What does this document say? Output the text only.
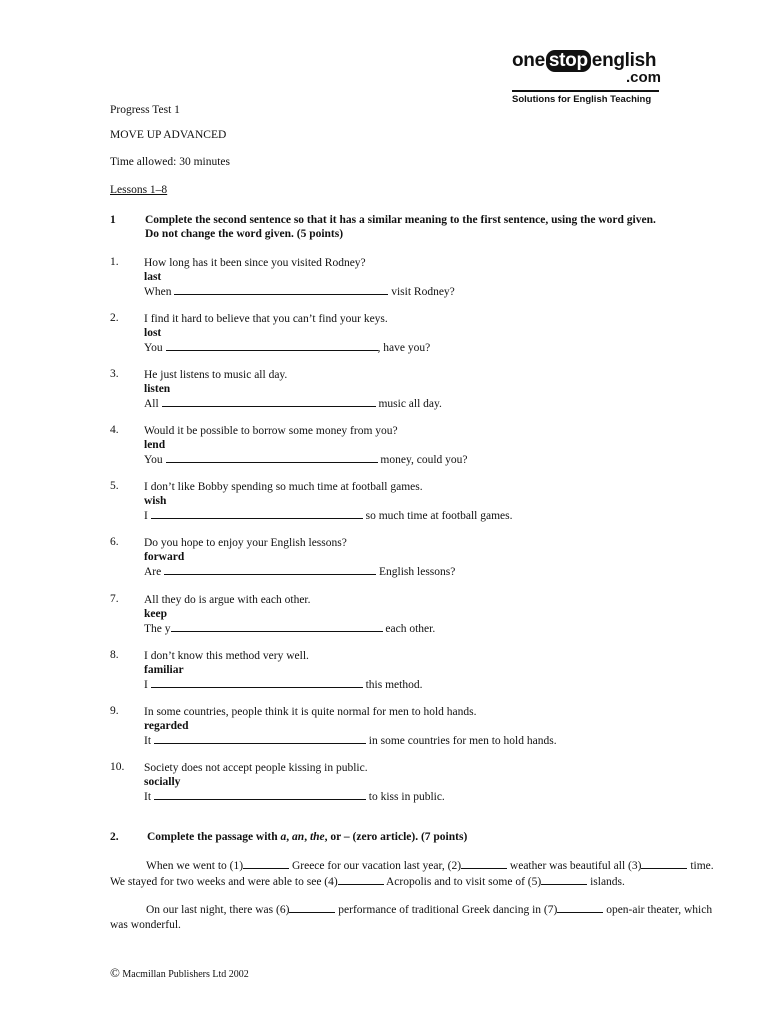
one stop english
.com
Solutions for English Teaching
Progress Test 1
MOVE UP ADVANCED
Time allowed: 30 minutes
Lessons 1–8
1	Complete the second sentence so that it has a similar meaning to the first sentence, using the word given.
Do not change the word given. (5 points)
1. How long has it been since you visited Rodney?
last
When	visit Rodney?
2. I find it hard to believe that you can’t find your keys.
lost
You	, have you?
3. He just listens to music all day.
listen
All	music all day.
4. Would it be possible to borrow some money from you?
lend
You	money, could you?
5. I don’t like Bobby spending so much time at football games.
wish
I	so much time at football games.
6. Do you hope to enjoy your English lessons?
forward
Are	English lessons?
7. All they do is argue with each other.
keep
The y	each other.
8. I don’t know this method very well.
familiar
I	this method.
9. In some countries, people think it is quite normal for men to hold hands.
regarded
It	in some countries for men to hold hands.
10. Society does not accept people kissing in public.
socially
It	to kiss in public.
2. Complete the passage with a, an, the, or – (zero article). (7 points)
When we went to (1)	Greece for our vacation last year, (2)	weather was beautiful all (3)	time. We stayed for two weeks and were able to see (4)	Acropolis and to visit some of (5)	islands.
On our last night, there was (6)	performance of traditional Greek dancing in (7)	open-air theater, which was wonderful.
© Macmillan Publishers Ltd 2002
